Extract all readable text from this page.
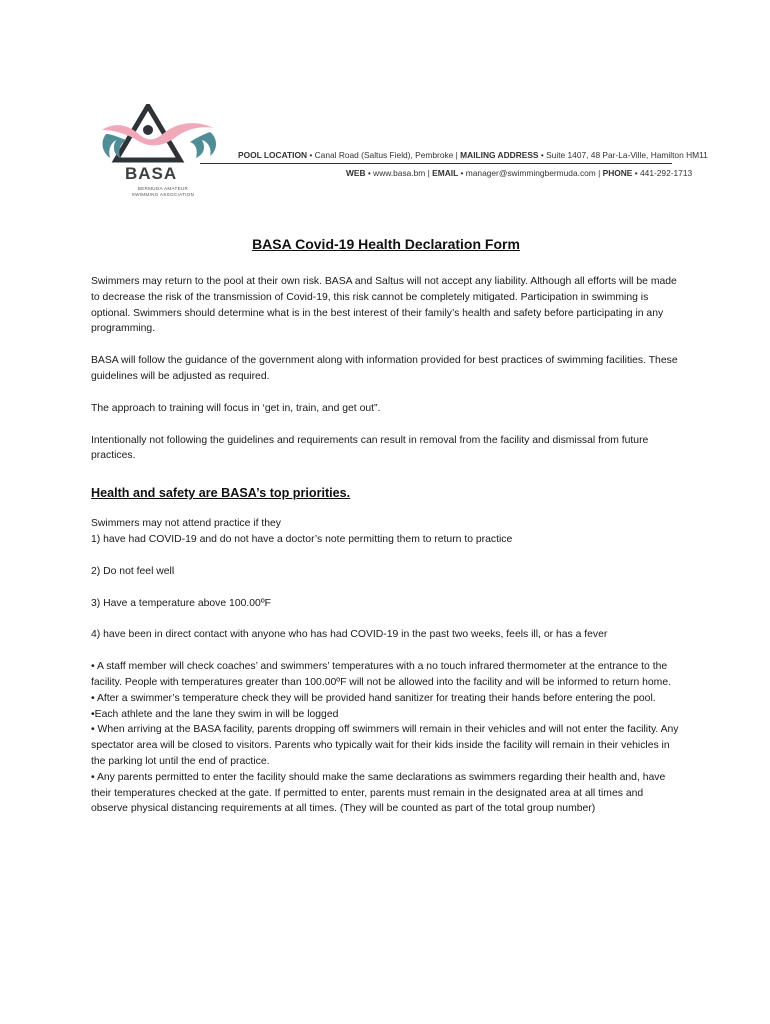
BASA
BERMUDA AMATEUR SWIMMING ASSOCIATION
POOL LOCATION • Canal Road (Saltus Field), Pembroke | MAILING ADDRESS • Suite 1407, 48 Par-La-Ville, Hamilton HM11
WEB • www.basa.bm | EMAIL • manager@swimmingbermuda.com | PHONE • 441-292-1713
BASA Covid-19 Health Declaration Form

Swimmers may return to the pool at their own risk. BASA and Saltus will not accept any liability. Although all efforts will be made to decrease the risk of the transmission of Covid-19, this risk cannot be completely mitigated. Participation in swimming is optional. Swimmers should determine what is in the best interest of their family’s health and safety before participating in any programming.

BASA will follow the guidance of the government along with information provided for best practices of swimming facilities. These guidelines will be adjusted as required.

The approach to training will focus in ‘get in, train, and get out”.

Intentionally not following the guidelines and requirements can result in removal from the facility and dismissal from future practices.

Health and safety are BASA’s top priorities.

Swimmers may not attend practice if they

1) have had COVID-19 and do not have a doctor’s note permitting them to return to practice

2) Do not feel well

3) Have a temperature above 100.00ºF

4) have been in direct contact with anyone who has had COVID-19 in the past two weeks, feels ill, or has a fever

• A staff member will check coaches’ and swimmers’ temperatures with a no touch infrared thermometer at the entrance to the facility. People with temperatures greater than 100.00ºF will not be allowed into the facility and will be informed to return home.

• After a swimmer’s temperature check they will be provided hand sanitizer for treating their hands before entering the pool.

•Each athlete and the lane they swim in will be logged

• When arriving at the BASA facility, parents dropping off swimmers will remain in their vehicles and will not enter the facility. Any spectator area will be closed to visitors. Parents who typically wait for their kids inside the facility will remain in their vehicles in the parking lot until the end of practice.

• Any parents permitted to enter the facility should make the same declarations as swimmers regarding their health and, have their temperatures checked at the gate. If permitted to enter, parents must remain in the designated area at all times and observe physical distancing requirements at all times. (They will be counted as part of the total group number)
